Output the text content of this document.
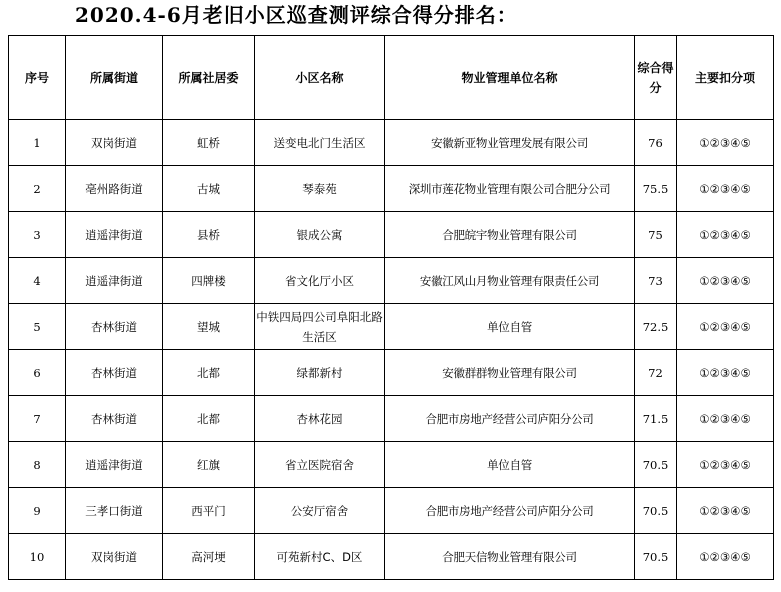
2020.4-6月老旧小区巡查测评综合得分排名：
序号	所属街道	所属社居委	小区名称	物业管理单位名称	综合得分	主要扣分项
1	双岗街道	虹桥	送变电北门生活区	安徽新亚物业管理发展有限公司	76	①②③④⑤
2	亳州路街道	古城	琴泰苑	深圳市莲花物业管理有限公司合肥分公司	75.5	①②③④⑤
3	逍遥津街道	县桥	银成公寓	合肥皖宇物业管理有限公司	75	①②③④⑤
4	逍遥津街道	四牌楼	省文化厅小区	安徽江风山月物业管理有限责任公司	73	①②③④⑤
5	杏林街道	望城	中铁四局四公司阜阳北路生活区	单位自管	72.5	①②③④⑤
6	杏林街道	北都	绿都新村	安徽群群物业管理有限公司	72	①②③④⑤
7	杏林街道	北都	杏林花园	合肥市房地产经营公司庐阳分公司	71.5	①②③④⑤
8	逍遥津街道	红旗	省立医院宿舍	单位自管	70.5	①②③④⑤
9	三孝口街道	西平门	公安厅宿舍	合肥市房地产经营公司庐阳分公司	70.5	①②③④⑤
10	双岗街道	高河埂	可苑新村C、D区	合肥天信物业管理有限公司	70.5	①②③④⑤
